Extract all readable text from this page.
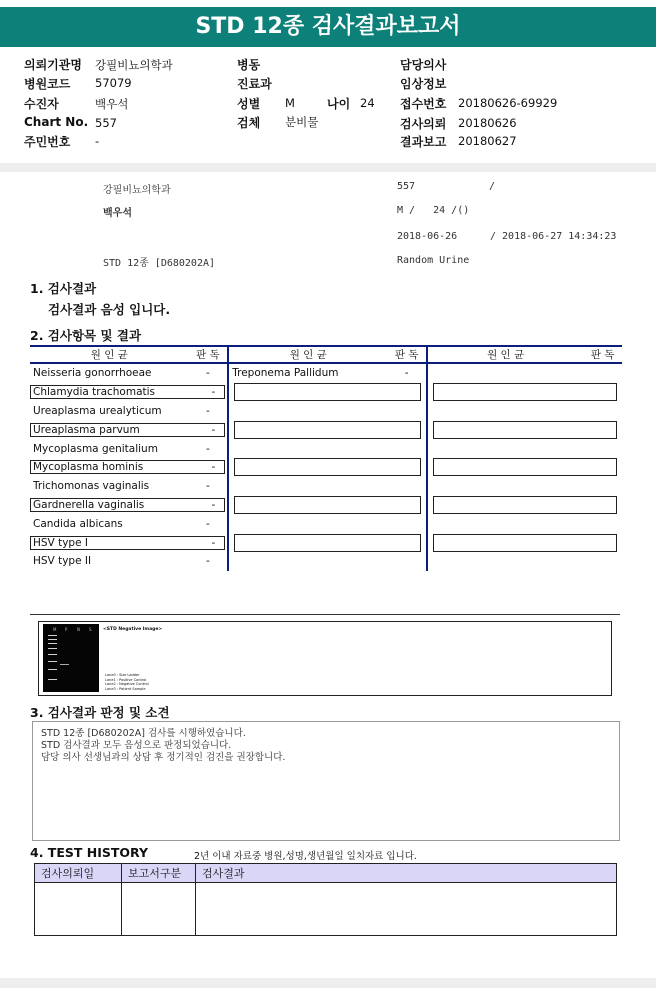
STD 12종 검사결과보고서
의뢰기관명 강필비뇨의학과
병원코드 57079
수진자	백우석
Chart No. 557
주민번호 -
병동
진료과
성별 M	나이 24
검체 분비물
담당의사
임상정보
접수번호 20180626-69929
검사의뢰 20180626
결과보고 20180627
강필비뇨의학과	557	/
백우석	M /   24 /()
2018-06-26	/ 2018-06-27 14:34:23
STD 12종 [D680202A]	Random Urine
1. 검사결과
검사결과 음성 입니다.
2. 검사항목 및 결과
원 인 균	판 독	원 인 균	판 독	원 인 균	판 독
Neisseria gonorrhoeae	-	Treponema Pallidum	-		

Chlamydia trachomatis -					

Ureaplasma urealyticum	-				

Ureaplasma parvum -					

Mycoplasma genitalium	-				

Mycoplasma hominis -					

Trichomonas vaginalis	-				

Gardnerella vaginalis -					

Candida albicans	-				

HSV type I -					

HSV type II	-				
M P N S	<STD Negative Image>
Lane0 : Size Ladder
Lane1 : Positive Control
Lane2 : Negative Control
Lane3 : Patient Sample
3. 검사결과 판정 및 소견
STD 12종 [D680202A] 검사를 시행하였습니다.
STD 검사결과 모두 음성으로 판정되었습니다.
담당 의사 선생님과의 상담 후 정기적인 검진을 권장합니다.
4. TEST HISTORY	2년 이내 자료중 병원,성명,생년월일 일치자료 입니다.
검사의뢰일	보고서구분	검사결과
